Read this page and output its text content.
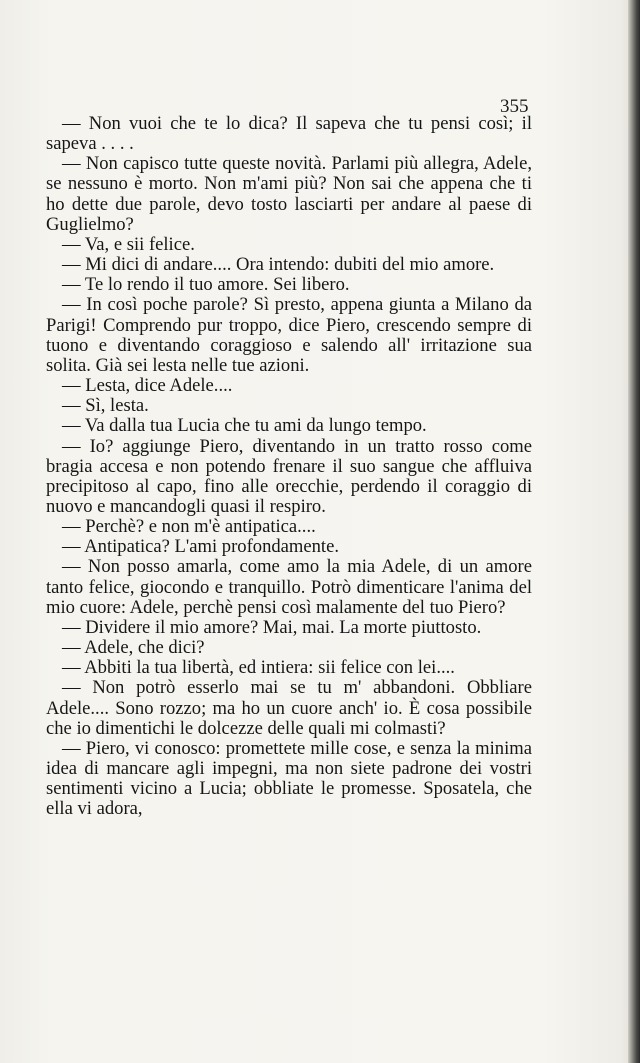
355

— Non vuoi che te lo dica? Il sapeva che tu pensi così; il sapeva . . . .

— Non capisco tutte queste novità. Parlami più allegra, Adele, se nessuno è morto. Non m'ami più? Non sai che appena che ti ho dette due parole, devo tosto lasciarti per andare al paese di Guglielmo?

— Va, e sii felice.

— Mi dici di andare.... Ora intendo: dubiti del mio amore.

— Te lo rendo il tuo amore. Sei libero.

— In così poche parole? Sì presto, appena giunta a Milano da Parigi! Comprendo pur troppo, dice Piero, crescendo sempre di tuono e diventando coraggioso e salendo all' irritazione sua solita. Già sei lesta nelle tue azioni.

— Lesta, dice Adele....

— Sì, lesta.

— Va dalla tua Lucia che tu ami da lungo tempo.

— Io? aggiunge Piero, diventando in un tratto rosso come bragia accesa e non potendo frenare il suo sangue che affluiva precipitoso al capo, fino alle orecchie, perdendo il coraggio di nuovo e mancandogli quasi il respiro.

— Perchè? e non m'è antipatica....

— Antipatica? L'ami profondamente.

— Non posso amarla, come amo la mia Adele, di un amore tanto felice, giocondo e tranquillo. Potrò dimenticare l'anima del mio cuore: Adele, perchè pensi così malamente del tuo Piero?

— Dividere il mio amore? Mai, mai. La morte piuttosto.

— Adele, che dici?

— Abbiti la tua libertà, ed intiera: sii felice con lei....

— Non potrò esserlo mai se tu m' abbandoni. Obbliare Adele.... Sono rozzo; ma ho un cuore anch' io. È cosa possibile che io dimentichi le dolcezze delle quali mi colmasti?

— Piero, vi conosco: promettete mille cose, e senza la minima idea di mancare agli impegni, ma non siete padrone dei vostri sentimenti vicino a Lucia; obbliate le promesse. Sposatela, che ella vi adora,
